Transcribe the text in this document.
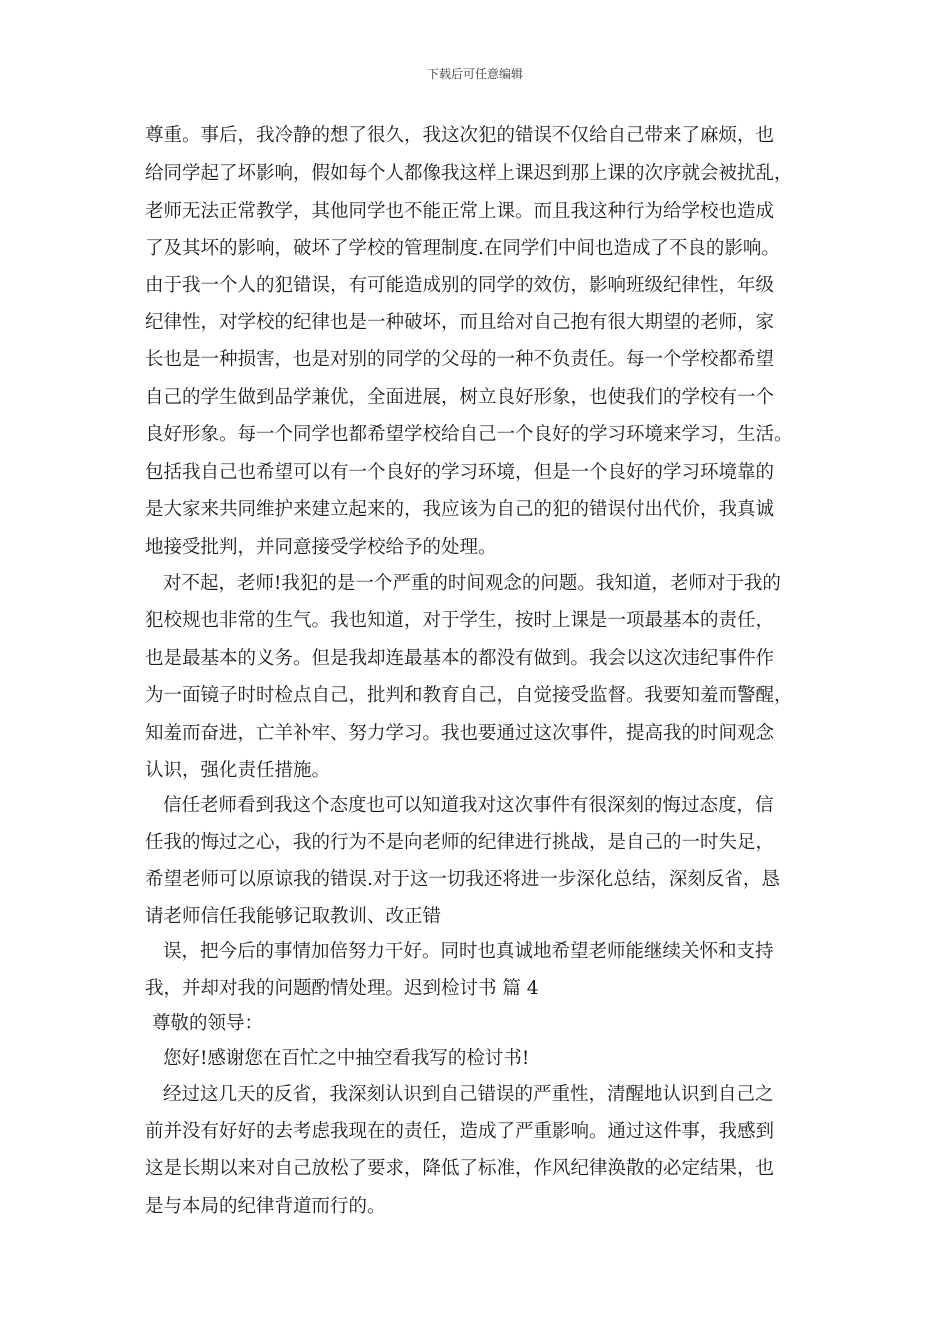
下载后可任意编辑
尊重。事后，我冷静的想了很久，我这次犯的错误不仅给自己带来了麻烦，也
给同学起了坏影响，假如每个人都像我这样上课迟到那上课的次序就会被扰乱，
老师无法正常教学，其他同学也不能正常上课。而且我这种行为给学校也造成
了及其坏的影响，破坏了学校的管理制度.在同学们中间也造成了不良的影响。
由于我一个人的犯错误，有可能造成别的同学的效仿，影响班级纪律性，年级
纪律性，对学校的纪律也是一种破坏，而且给对自己抱有很大期望的老师，家
长也是一种损害，也是对别的同学的父母的一种不负责任。每一个学校都希望
自己的学生做到品学兼优，全面进展，树立良好形象，也使我们的学校有一个
良好形象。每一个同学也都希望学校给自己一个良好的学习环境来学习，生活。
包括我自己也希望可以有一个良好的学习环境，但是一个良好的学习环境靠的
是大家来共同维护来建立起来的，我应该为自己的犯的错误付出代价，我真诚
地接受批判，并同意接受学校给予的处理。
对不起，老师!我犯的是一个严重的时间观念的问题。我知道，老师对于我的
犯校规也非常的生气。我也知道，对于学生，按时上课是一项最基本的责任，
也是最基本的义务。但是我却连最基本的都没有做到。我会以这次违纪事件作
为一面镜子时时检点自己，批判和教育自己，自觉接受监督。我要知羞而警醒，
知羞而奋进，亡羊补牢、努力学习。我也要通过这次事件，提高我的时间观念
认识，强化责任措施。
信任老师看到我这个态度也可以知道我对这次事件有很深刻的悔过态度，信
任我的悔过之心，我的行为不是向老师的纪律进行挑战，是自己的一时失足，
希望老师可以原谅我的错误.对于这一切我还将进一步深化总结，深刻反省，恳
请老师信任我能够记取教训、改正错
误，把今后的事情加倍努力干好。同时也真诚地希望老师能继续关怀和支持
我，并却对我的问题酌情处理。迟到检讨书 篇 4
尊敬的领导：
您好!感谢您在百忙之中抽空看我写的检讨书!
经过这几天的反省，我深刻认识到自己错误的严重性，清醒地认识到自己之
前并没有好好的去考虑我现在的责任，造成了严重影响。通过这件事，我感到
这是长期以来对自己放松了要求，降低了标准，作风纪律涣散的必定结果，也
是与本局的纪律背道而行的。
